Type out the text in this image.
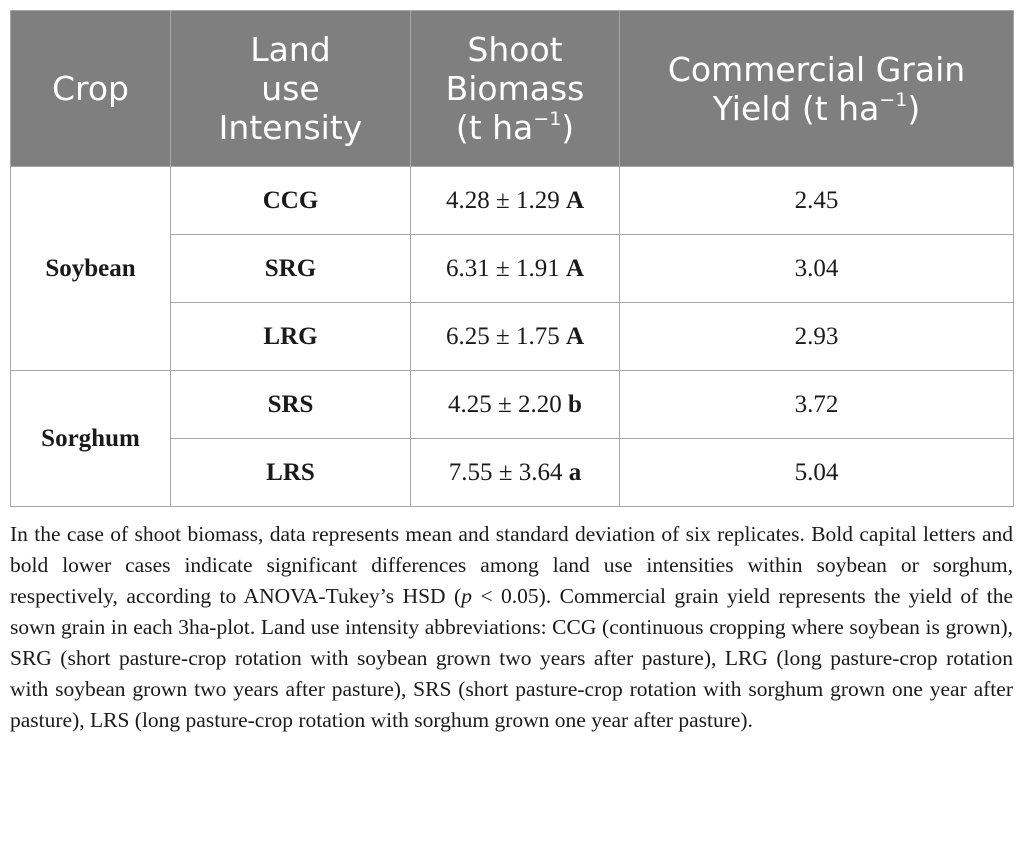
Crop	Land
use
Intensity	Shoot
Biomass
(t $ha^{-1}$)	Commercial Grain
Yield (t $ha^{-1}$)
Soybean	CCG	4.28 ± 1.29 A	2.45
	SRG	6.31 ± 1.91 A	3.04
	LRG	6.25 ± 1.75 A	2.93
Sorghum	SRS	4.25 ± 2.20 b	3.72
	LRS	7.55 ± 3.64 a	5.04

In the case of shoot biomass, data represents mean and standard deviation of six replicates. Bold capital letters and bold lower cases indicate significant differences among land use intensities within soybean or sorghum, respectively, according to ANOVA-Tukey’s HSD (p < 0.05). Commercial grain yield represents the yield of the sown grain in each 3ha-plot. Land use intensity abbreviations: CCG (continuous cropping where soybean is grown), SRG (short pasture-crop rotation with soybean grown two years after pasture), LRG (long pasture-crop rotation with soybean grown two years after pasture), SRS (short pasture-crop rotation with sorghum grown one year after pasture), LRS (long pasture-crop rotation with sorghum grown one year after pasture).
